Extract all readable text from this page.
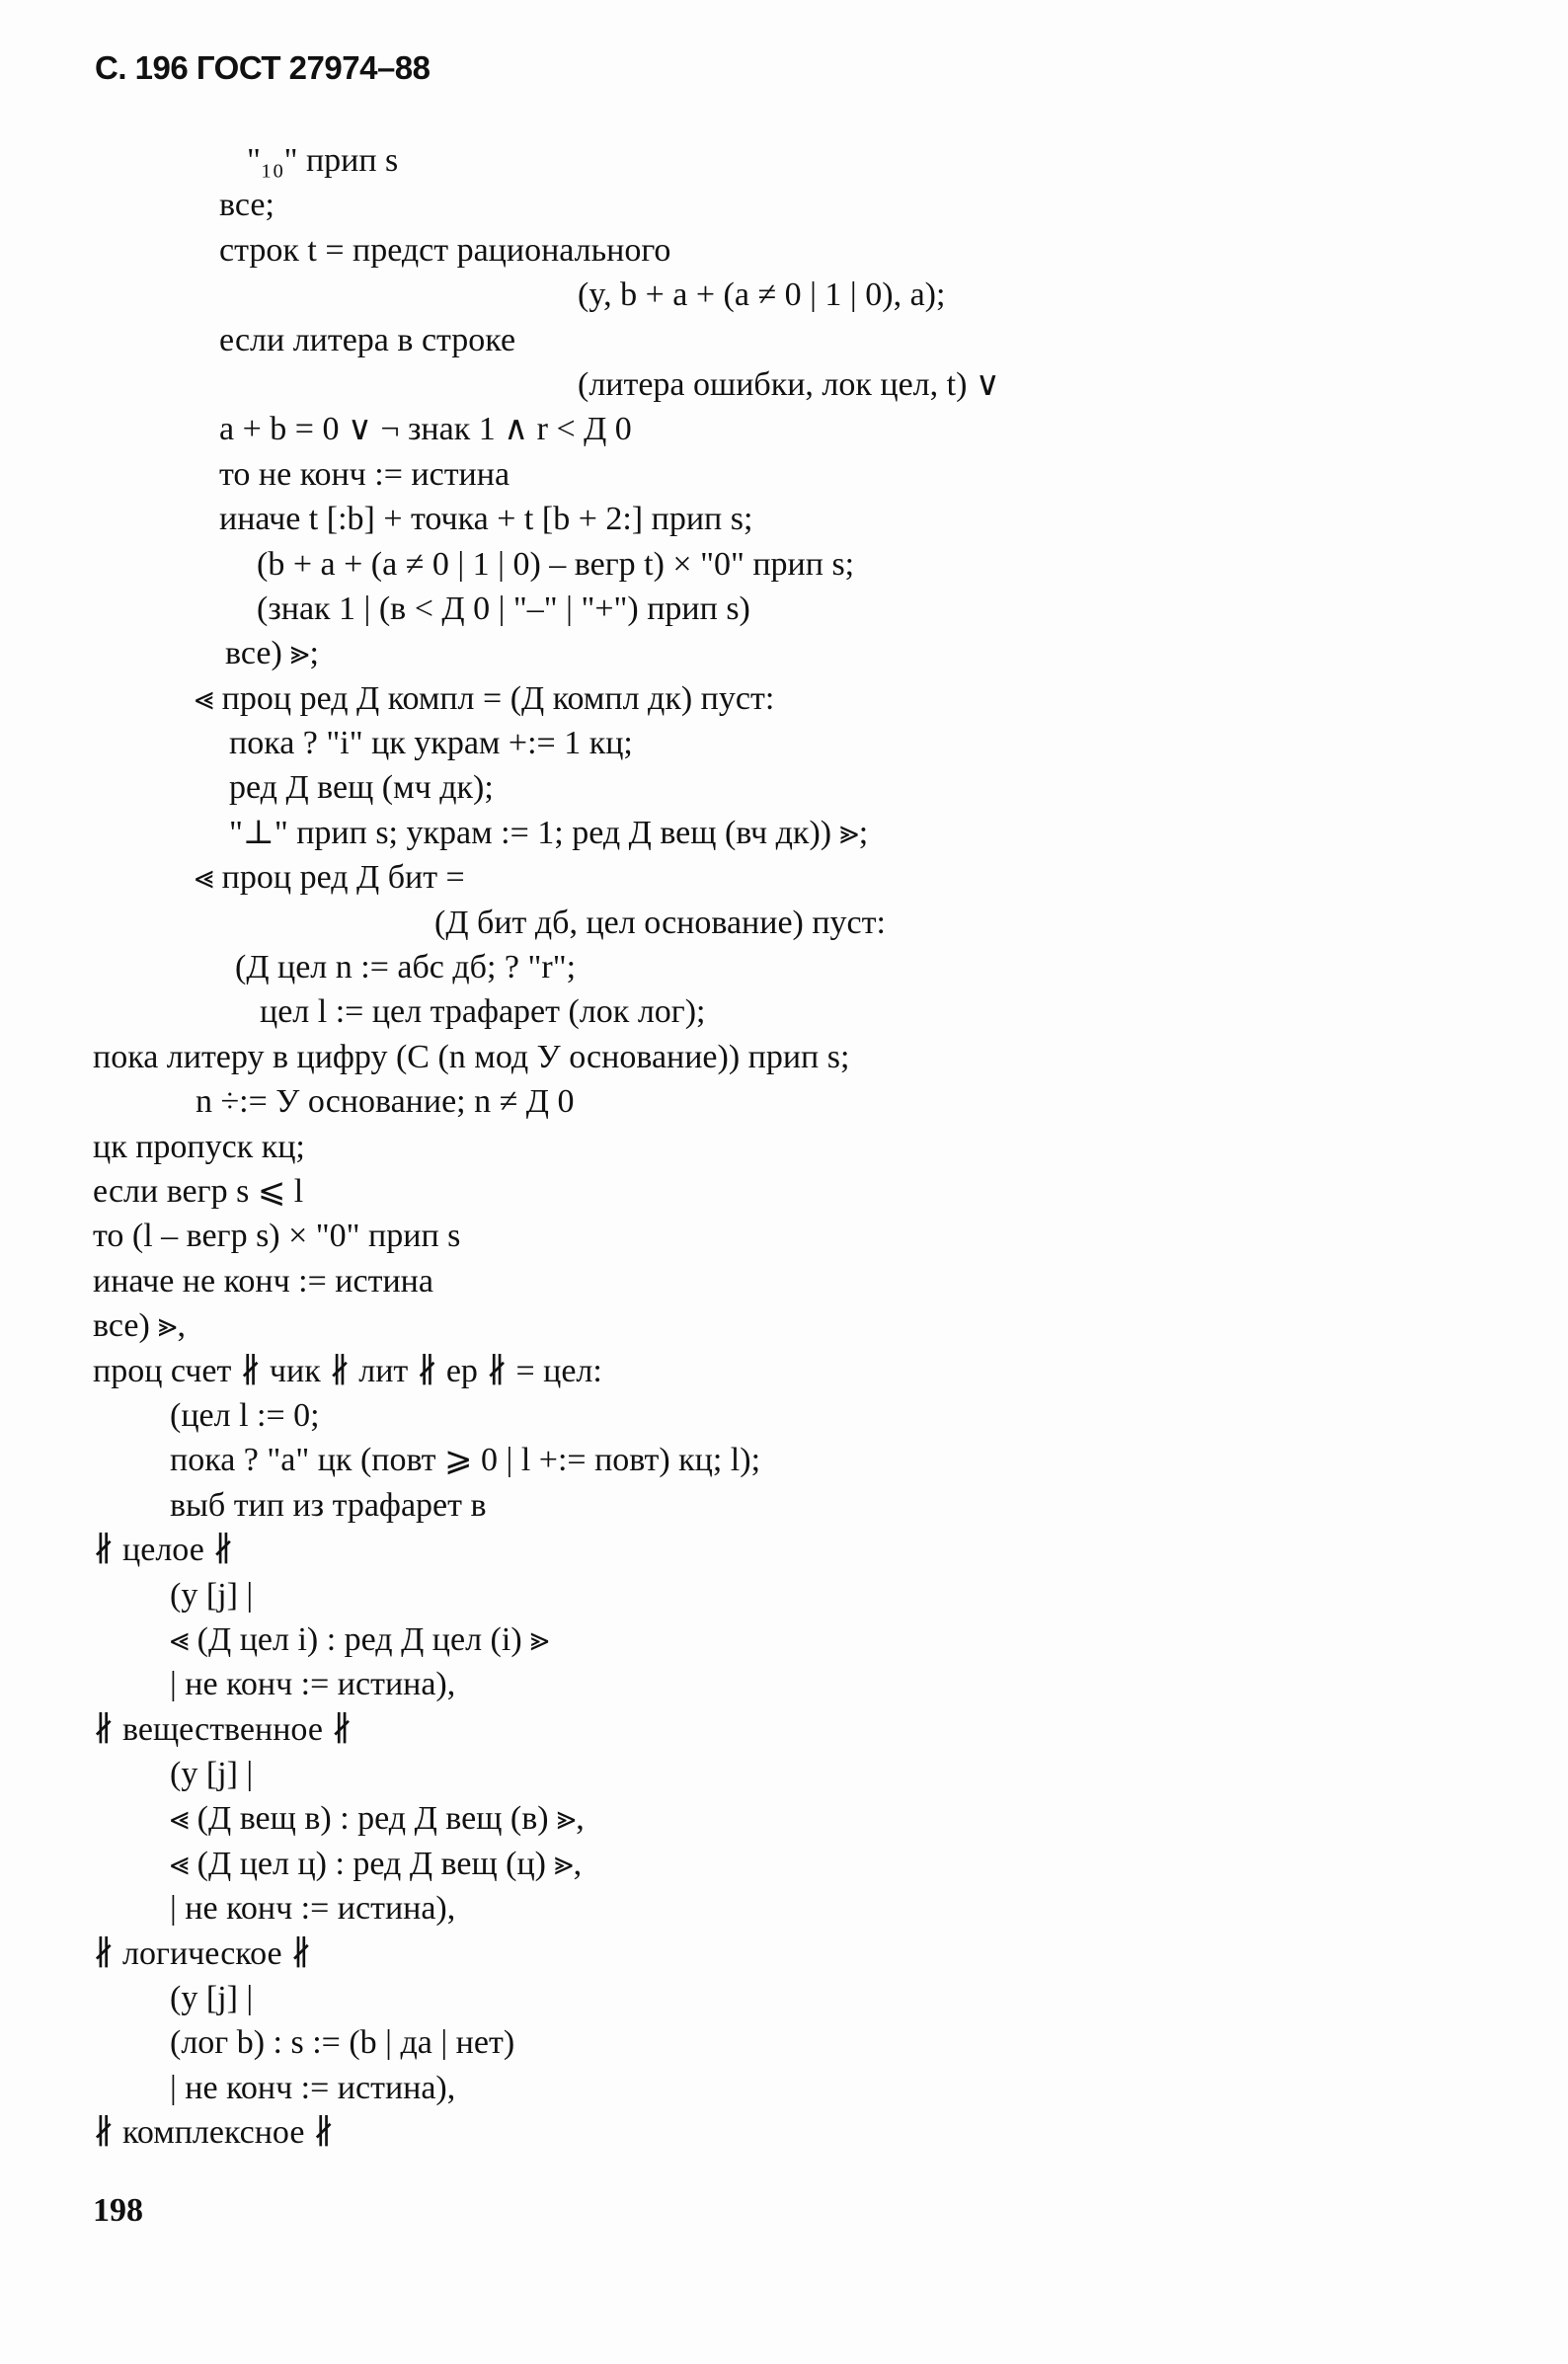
С. 196 ГОСТ 27974–88
"₁₀" прип s
все;
строк t = предст рационального
(y, b + a + (a ≠ 0 | 1 | 0), a);
если литера в строке
(литера ошибки, лок цел, t) ∨
a + b = 0 ∨ ¬ знак 1 ∧ r < Д 0
то не конч := истина
иначе t [:b] + точка + t [b + 2:] прип s;
(b + a + (a ≠ 0 | 1 | 0) – вегр t) × "0" прип s;
(знак 1 | (в < Д 0 | "–" | "+") прип s)
все) ⪢;
⪡ проц ред Д компл = (Д компл дк) пуст:
пока ? "i" цк украм +:= 1 кц;
ред Д вещ (мч дк);
"⊥" прип s; украм := 1; ред Д вещ (вч дк)) ⪢;
⪡ проц ред Д бит =
(Д бит дб, цел основание) пуст:
(Д цел n := абс дб; ? "r";
цел l := цел трафарет (лок лог);
пока литеру в цифру (С (n мод У основание)) прип s;
n ÷:= У основание; n ≠ Д 0
цк пропуск кц;
если вегр s ⩽ l
то (l – вегр s) × "0" прип s
иначе не конч := истина
все) ⪢,
проц счет ∦ чик ∦ лит ∦ ер ∦ = цел:
(цел l := 0;
пока ? "а" цк (повт ⩾ 0 | l +:= повт) кц; l);
выб тип из трафарет в
∦ целое ∦
(y [j] |
⪡ (Д цел i) : ред Д цел (i) ⪢
| не конч := истина),
∦ вещественное ∦
(y [j] |
⪡ (Д вещ в) : ред Д вещ (в) ⪢,
⪡ (Д цел ц) : ред Д вещ (ц) ⪢,
| не конч := истина),
∦ логическое ∦
(y [j] |
(лог b) : s := (b | да | нет)
| не конч := истина),
∦ комплексное ∦
198
